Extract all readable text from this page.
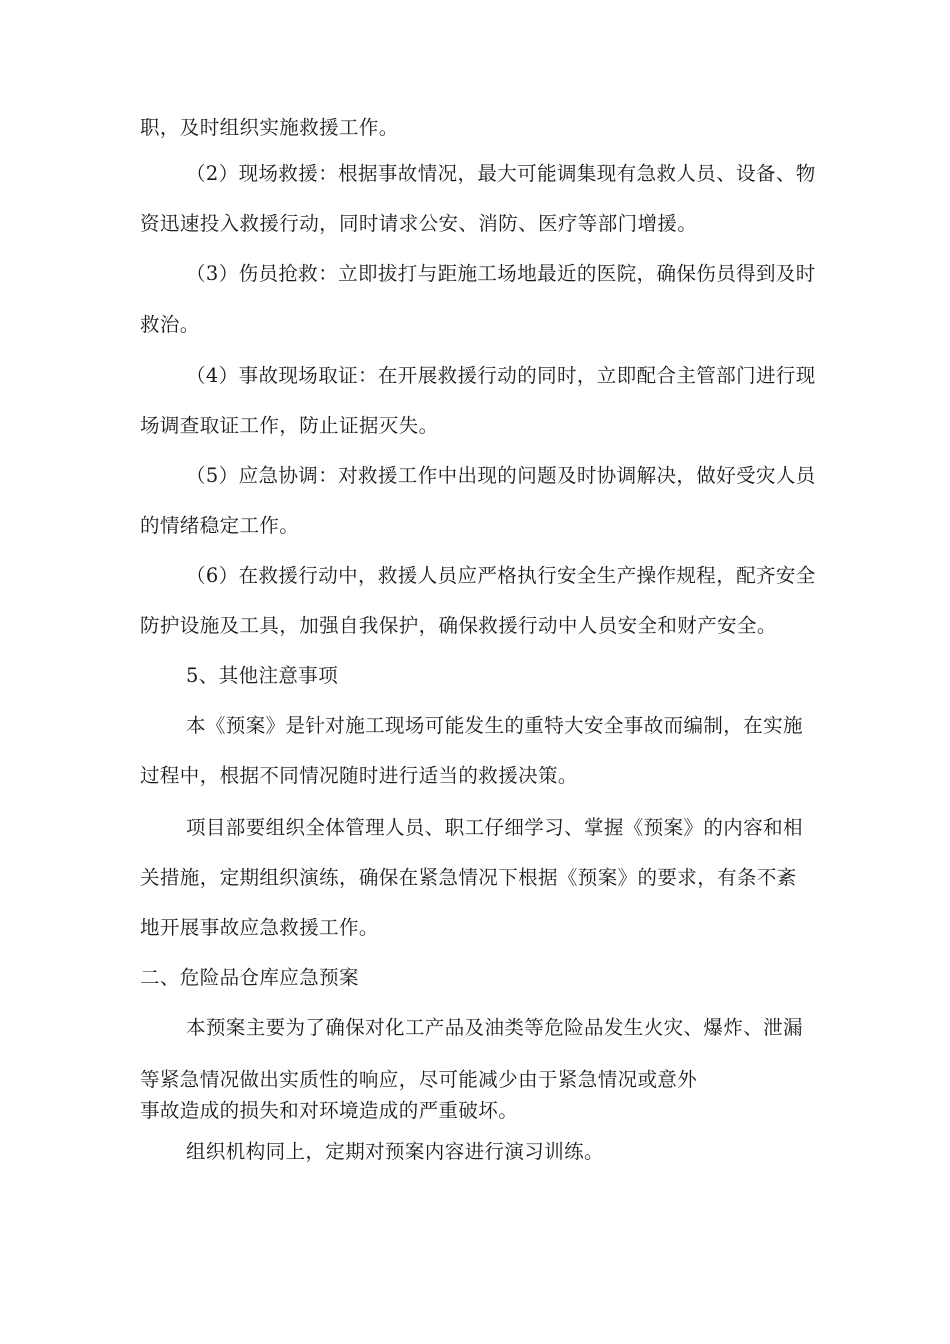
职，及时组织实施救援工作。
（2）现场救援：根据事故情况，最大可能调集现有急救人员、设备、物
资迅速投入救援行动，同时请求公安、消防、医疗等部门增援。
（3）伤员抢救：立即拔打与距施工场地最近的医院，确保伤员得到及时
救治。
（4）事故现场取证：在开展救援行动的同时，立即配合主管部门进行现
场调查取证工作，防止证据灭失。
（5）应急协调：对救援工作中出现的问题及时协调解决，做好受灾人员
的情绪稳定工作。
（6）在救援行动中，救援人员应严格执行安全生产操作规程，配齐安全
防护设施及工具，加强自我保护，确保救援行动中人员安全和财产安全。
5、其他注意事项
本《预案》是针对施工现场可能发生的重特大安全事故而编制，在实施
过程中，根据不同情况随时进行适当的救援决策。
项目部要组织全体管理人员、职工仔细学习、掌握《预案》的内容和相
关措施，定期组织演练，确保在紧急情况下根据《预案》的要求，有条不紊
地开展事故应急救援工作。
二、危险品仓库应急预案
本预案主要为了确保对化工产品及油类等危险品发生火灾、爆炸、泄漏
等紧急情况做出实质性的响应，尽可能减少由于紧急情况或意外
事故造成的损失和对环境造成的严重破坏。
组织机构同上，定期对预案内容进行演习训练。
